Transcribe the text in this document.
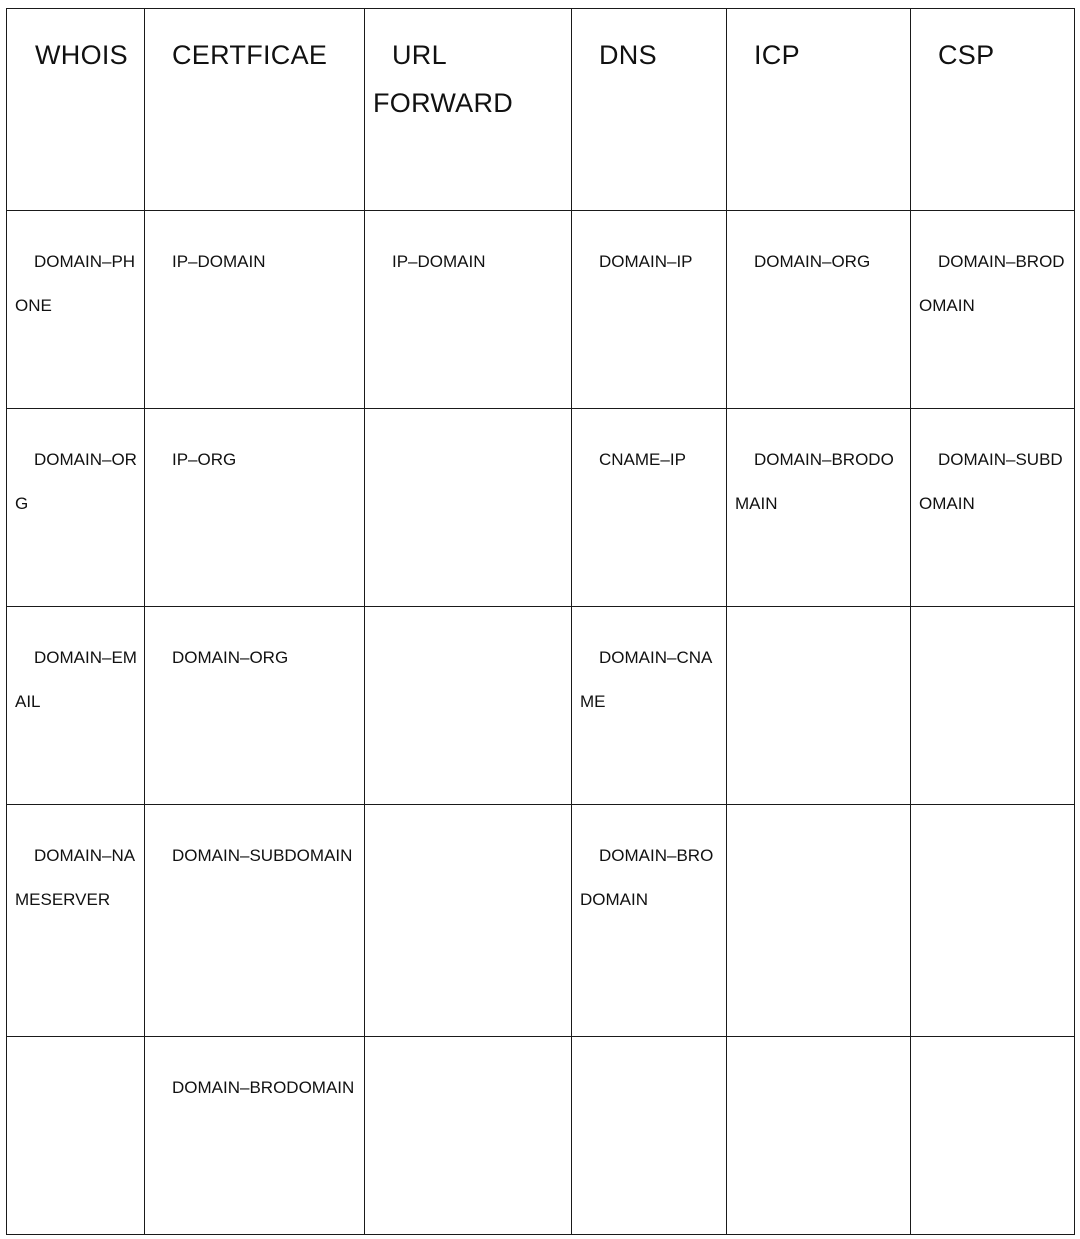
WHOIS	CERTFICAE	URL FORWARD	DNS	ICP	CSP

DOMAIN–PHONE	IP–DOMAIN	IP–DOMAIN	DOMAIN–IP	DOMAIN–ORG	DOMAIN–BRODOMAIN

DOMAIN–ORG	IP–ORG		CNAME–IP	DOMAIN–BRODOMAIN	DOMAIN–SUBDOMAIN

DOMAIN–EMAIL	DOMAIN–ORG		DOMAIN–CNAME		

DOMAIN–NAMESERVER	DOMAIN–SUBDOMAIN		DOMAIN–BRODOMAIN		

	DOMAIN–BRODOMAIN				
